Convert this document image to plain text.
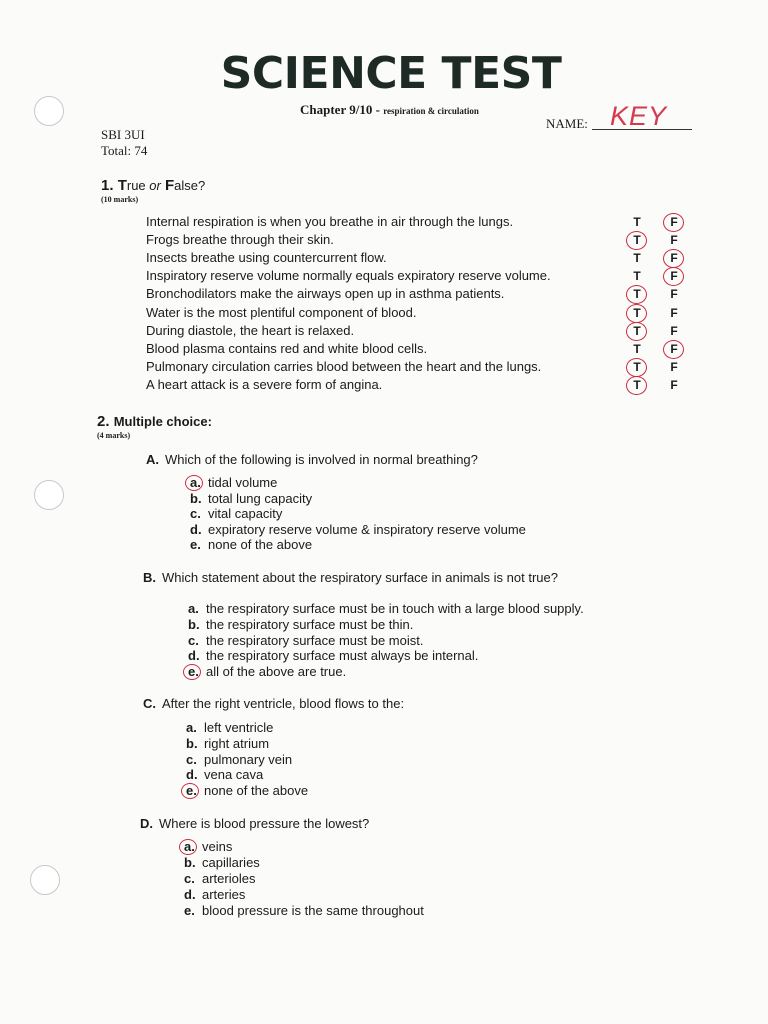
SCIENCE TEST
Chapter 9/10 - respiration & circulation
NAME: KEY
SBI 3UI
Total: 74
1. True or False?
(10 marks)
Internal respiration is when you breathe in air through the lungs.	T F
Frogs breathe through their skin.	T F
Insects breathe using countercurrent flow.	T F
Inspiratory reserve volume normally equals expiratory reserve volume.	T F
Bronchodilators make the airways open up in asthma patients.	T F
Water is the most plentiful component of blood.	T F
During diastole, the heart is relaxed.	T F
Blood plasma contains red and white blood cells.	T F
Pulmonary circulation carries blood between the heart and the lungs.	T F
A heart attack is a severe form of angina.	T F
2. Multiple choice:
(4 marks)
A. Which of the following is involved in normal breathing?
a. tidal volume
b. total lung capacity
c. vital capacity
d. expiratory reserve volume & inspiratory reserve volume
e. none of the above
B. Which statement about the respiratory surface in animals is not true?
a. the respiratory surface must be in touch with a large blood supply.
b. the respiratory surface must be thin.
c. the respiratory surface must be moist.
d. the respiratory surface must always be internal.
e. all of the above are true.
C. After the right ventricle, blood flows to the:
a. left ventricle
b. right atrium
c. pulmonary vein
d. vena cava
e. none of the above
D. Where is blood pressure the lowest?
a. veins
b. capillaries
c. arterioles
d. arteries
e. blood pressure is the same throughout
